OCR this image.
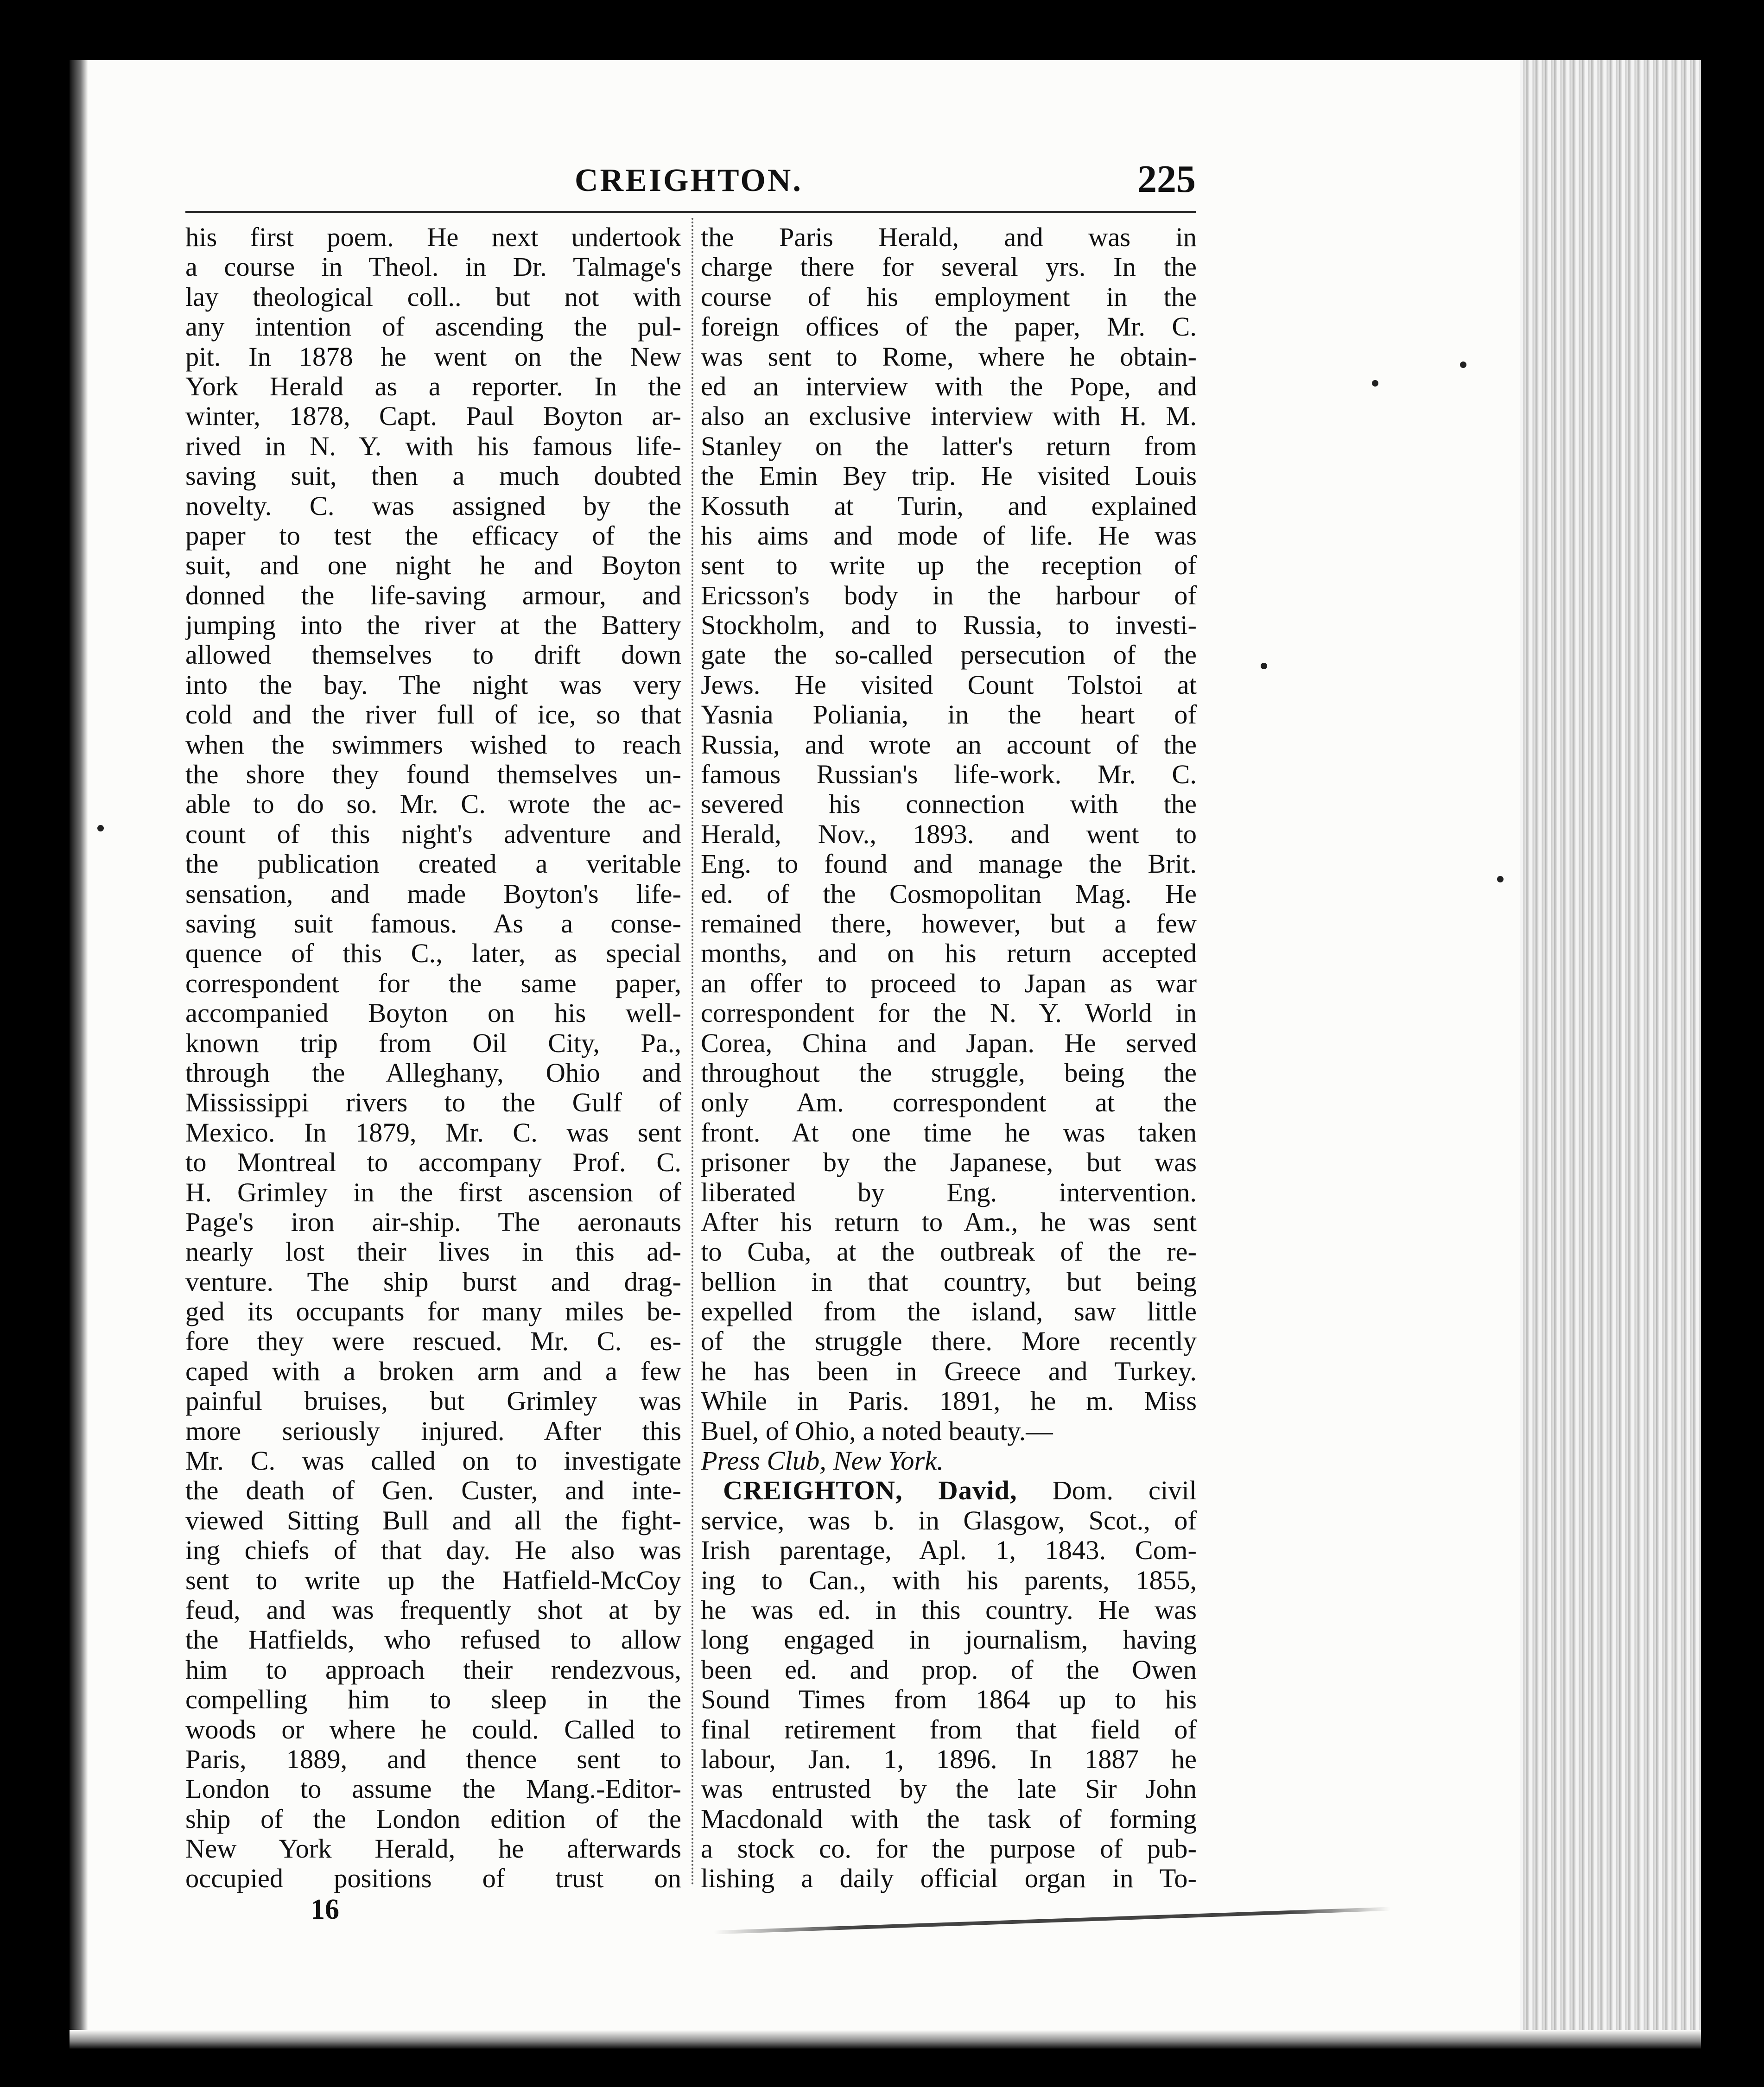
CREIGHTON.	225
his first poem. He next undertook
a course in Theol. in Dr. Talmage's
lay theological coll.. but not with
any intention of ascending the pul-
pit. In 1878 he went on the New
York Herald as a reporter. In the
winter, 1878, Capt. Paul Boyton ar-
rived in N. Y. with his famous life-
saving suit, then a much doubted
novelty. C. was assigned by the
paper to test the efficacy of the
suit, and one night he and Boyton
donned the life-saving armour, and
jumping into the river at the Battery
allowed themselves to drift down
into the bay. The night was very
cold and the river full of ice, so that
when the swimmers wished to reach
the shore they found themselves un-
able to do so. Mr. C. wrote the ac-
count of this night's adventure and
the publication created a veritable
sensation, and made Boyton's life-
saving suit famous. As a conse-
quence of this C., later, as special
correspondent for the same paper,
accompanied Boyton on his well-
known trip from Oil City, Pa.,
through the Alleghany, Ohio and
Mississippi rivers to the Gulf of
Mexico. In 1879, Mr. C. was sent
to Montreal to accompany Prof. C.
H. Grimley in the first ascension of
Page's iron air-ship. The aeronauts
nearly lost their lives in this ad-
venture. The ship burst and drag-
ged its occupants for many miles be-
fore they were rescued. Mr. C. es-
caped with a broken arm and a few
painful bruises, but Grimley was
more seriously injured. After this
Mr. C. was called on to investigate
the death of Gen. Custer, and inte-
viewed Sitting Bull and all the fight-
ing chiefs of that day. He also was
sent to write up the Hatfield-McCoy
feud, and was frequently shot at by
the Hatfields, who refused to allow
him to approach their rendezvous,
compelling him to sleep in the
woods or where he could. Called to
Paris, 1889, and thence sent to
London to assume the Mang.-Editor-
ship of the London edition of the
New York Herald, he afterwards
occupied positions of trust on
the Paris Herald, and was in
charge there for several yrs. In the
course of his employment in the
foreign offices of the paper, Mr. C.
was sent to Rome, where he obtain-
ed an interview with the Pope, and
also an exclusive interview with H. M.
Stanley on the latter's return from
the Emin Bey trip. He visited Louis
Kossuth at Turin, and explained
his aims and mode of life. He was
sent to write up the reception of
Ericsson's body in the harbour of
Stockholm, and to Russia, to investi-
gate the so-called persecution of the
Jews. He visited Count Tolstoi at
Yasnia Poliania, in the heart of
Russia, and wrote an account of the
famous Russian's life-work. Mr. C.
severed his connection with the
Herald, Nov., 1893. and went to
Eng. to found and manage the Brit.
ed. of the Cosmopolitan Mag. He
remained there, however, but a few
months, and on his return accepted
an offer to proceed to Japan as war
correspondent for the N. Y. World in
Corea, China and Japan. He served
throughout the struggle, being the
only Am. correspondent at the
front. At one time he was taken
prisoner by the Japanese, but was
liberated by Eng. intervention.
After his return to Am., he was sent
to Cuba, at the outbreak of the re-
bellion in that country, but being
expelled from the island, saw little
of the struggle there. More recently
he has been in Greece and Turkey.
While in Paris. 1891, he m. Miss
Buel, of Ohio, a noted beauty.—
Press Club, New York.
CREIGHTON, David, Dom. civil
service, was b. in Glasgow, Scot., of
Irish parentage, Apl. 1, 1843. Com-
ing to Can., with his parents, 1855,
he was ed. in this country. He was
long engaged in journalism, having
been ed. and prop. of the Owen
Sound Times from 1864 up to his
final retirement from that field of
labour, Jan. 1, 1896. In 1887 he
was entrusted by the late Sir John
Macdonald with the task of forming
a stock co. for the purpose of pub-
lishing a daily official organ in To-
16
